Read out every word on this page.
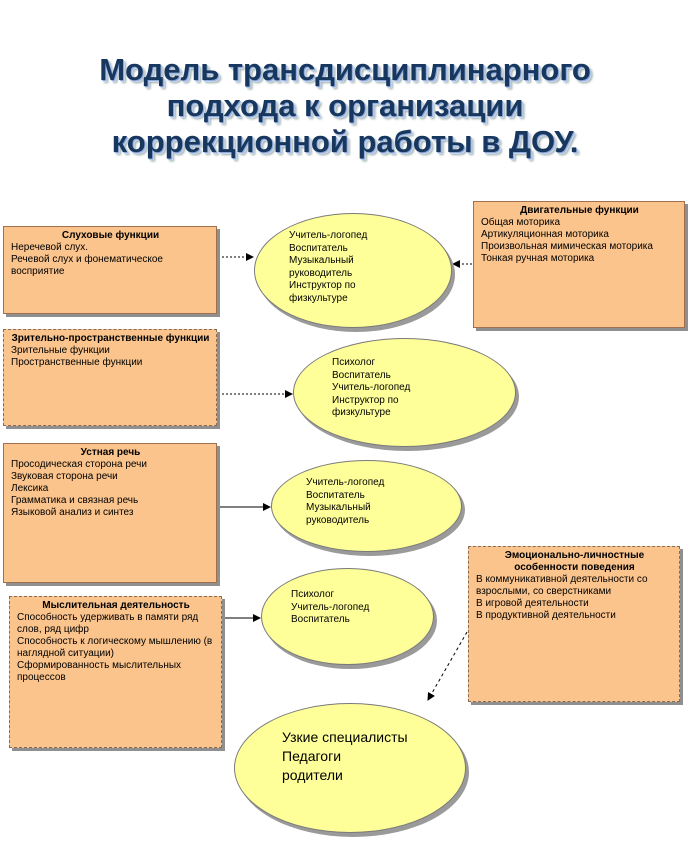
Модель трансдисциплинарного
подхода к организации
коррекционной работы в ДОУ.
Слуховые функции
Неречевой слух.
Речевой слух и фонематическое восприятие
Двигательные функции
Общая моторика
Артикуляционная моторика
Произвольная мимическая моторика
Тонкая ручная моторика
Зрительно-пространственные функции
Зрительные функции
Пространственные функции
Устная речь
Просодическая сторона речи
Звуковая сторона речи
Лексика
Грамматика и связная речь
Языковой анализ и синтез
Мыслительная деятельность
Способность удерживать в памяти ряд слов, ряд цифр
Способность к логическому мышлению (в наглядной ситуации)
Сформированность мыслительных процессов
Эмоционально-личностные особенности поведения
В коммуникативной деятельности со взрослыми, со сверстниками
В игровой деятельности
В продуктивной деятельности
Учитель-логопед
Воспитатель
Музыкальный
руководитель
Инструктор по
физкультуре
Психолог
Воспитатель
Учитель-логопед
Инструктор по
физкультуре
Учитель-логопед
Воспитатель
Музыкальный
руководитель
Психолог
Учитель-логопед
Воспитатель
Узкие специалисты
Педагоги
родители
